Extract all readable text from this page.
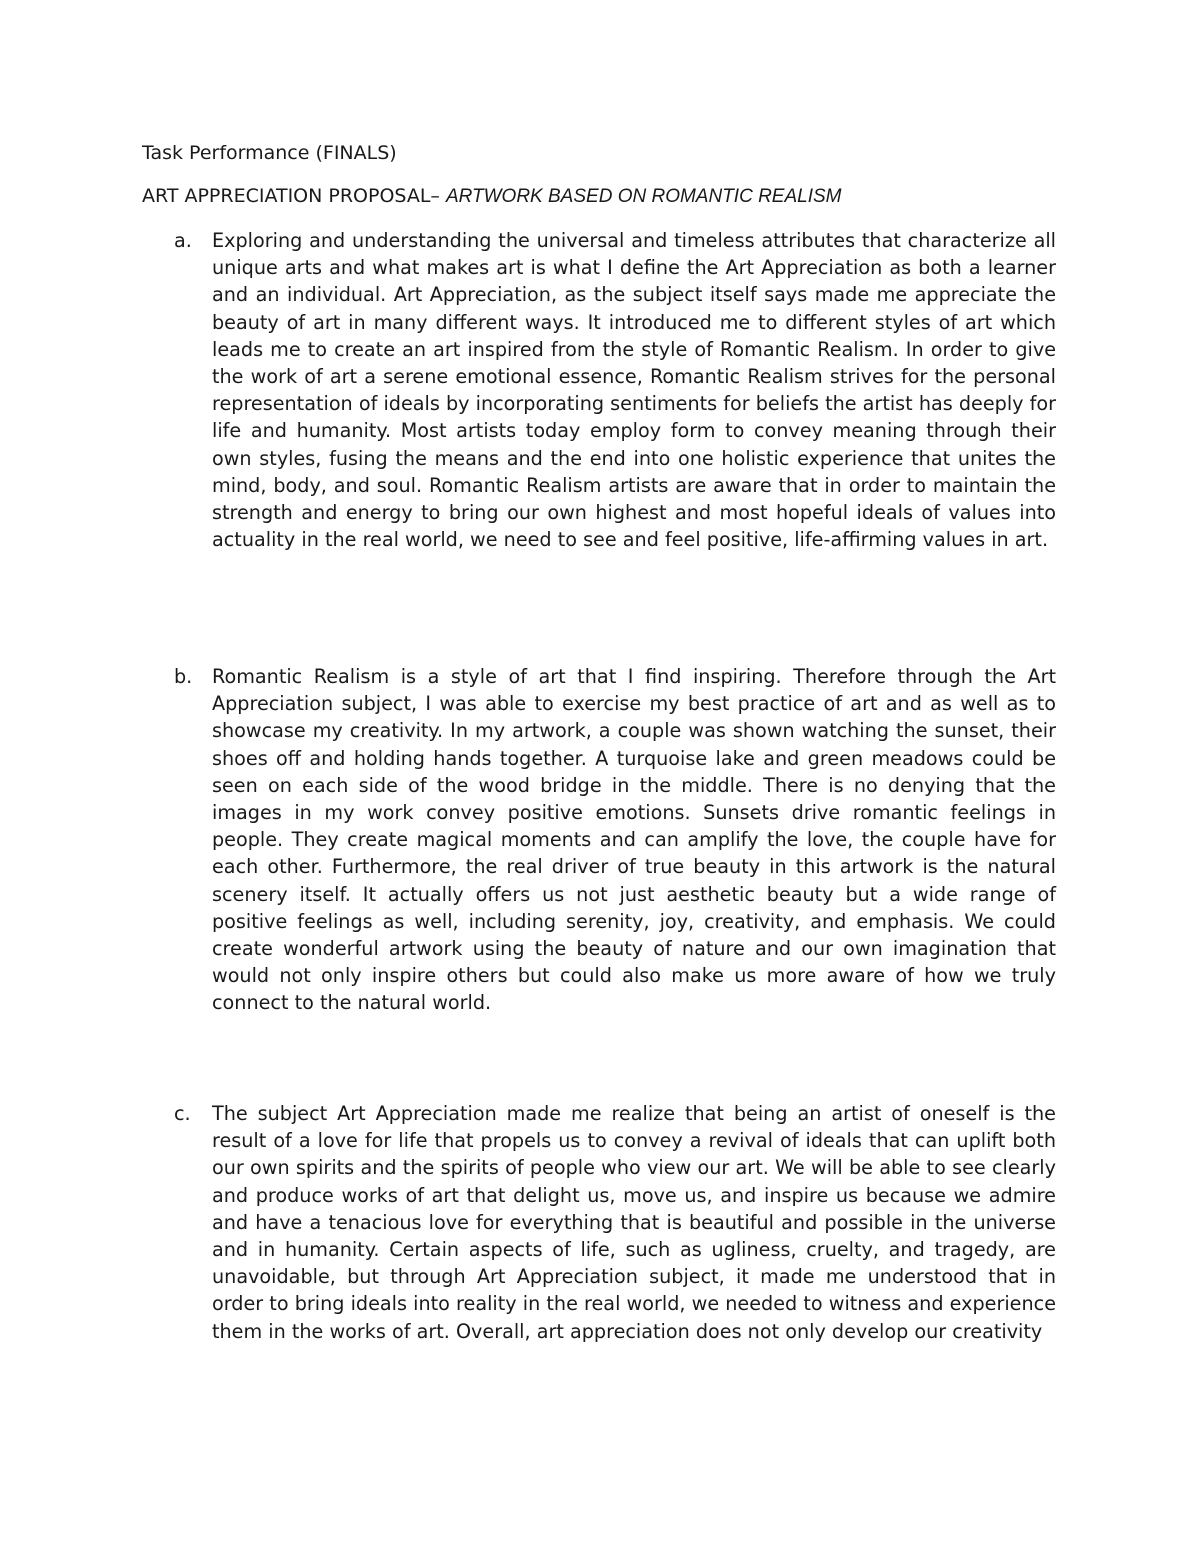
Task Performance (FINALS)
ART APPRECIATION PROPOSAL– ARTWORK BASED ON ROMANTIC REALISM
a. Exploring and understanding the universal and timeless attributes that characterize all unique arts and what makes art is what I define the Art Appreciation as both a learner and an individual. Art Appreciation, as the subject itself says made me appreciate the beauty of art in many different ways. It introduced me to different styles of art which leads me to create an art inspired from the style of Romantic Realism. In order to give the work of art a serene emotional essence, Romantic Realism strives for the personal representation of ideals by incorporating sentiments for beliefs the artist has deeply for life and humanity. Most artists today employ form to convey meaning through their own styles, fusing the means and the end into one holistic experience that unites the mind, body, and soul. Romantic Realism artists are aware that in order to maintain the strength and energy to bring our own highest and most hopeful ideals of values into actuality in the real world, we need to see and feel positive, life-affirming values in art.
b. Romantic Realism is a style of art that I find inspiring. Therefore through the Art Appreciation subject, I was able to exercise my best practice of art and as well as to showcase my creativity. In my artwork, a couple was shown watching the sunset, their shoes off and holding hands together. A turquoise lake and green meadows could be seen on each side of the wood bridge in the middle. There is no denying that the images in my work convey positive emotions. Sunsets drive romantic feelings in people. They create magical moments and can amplify the love, the couple have for each other. Furthermore, the real driver of true beauty in this artwork is the natural scenery itself. It actually offers us not just aesthetic beauty but a wide range of positive feelings as well, including serenity, joy, creativity, and emphasis. We could create wonderful artwork using the beauty of nature and our own imagination that would not only inspire others but could also make us more aware of how we truly connect to the natural world.
c. The subject Art Appreciation made me realize that being an artist of oneself is the result of a love for life that propels us to convey a revival of ideals that can uplift both our own spirits and the spirits of people who view our art. We will be able to see clearly and produce works of art that delight us, move us, and inspire us because we admire and have a tenacious love for everything that is beautiful and possible in the universe and in humanity. Certain aspects of life, such as ugliness, cruelty, and tragedy, are unavoidable, but through Art Appreciation subject, it made me understood that in order to bring ideals into reality in the real world, we needed to witness and experience them in the works of art. Overall, art appreciation does not only develop our creativity
